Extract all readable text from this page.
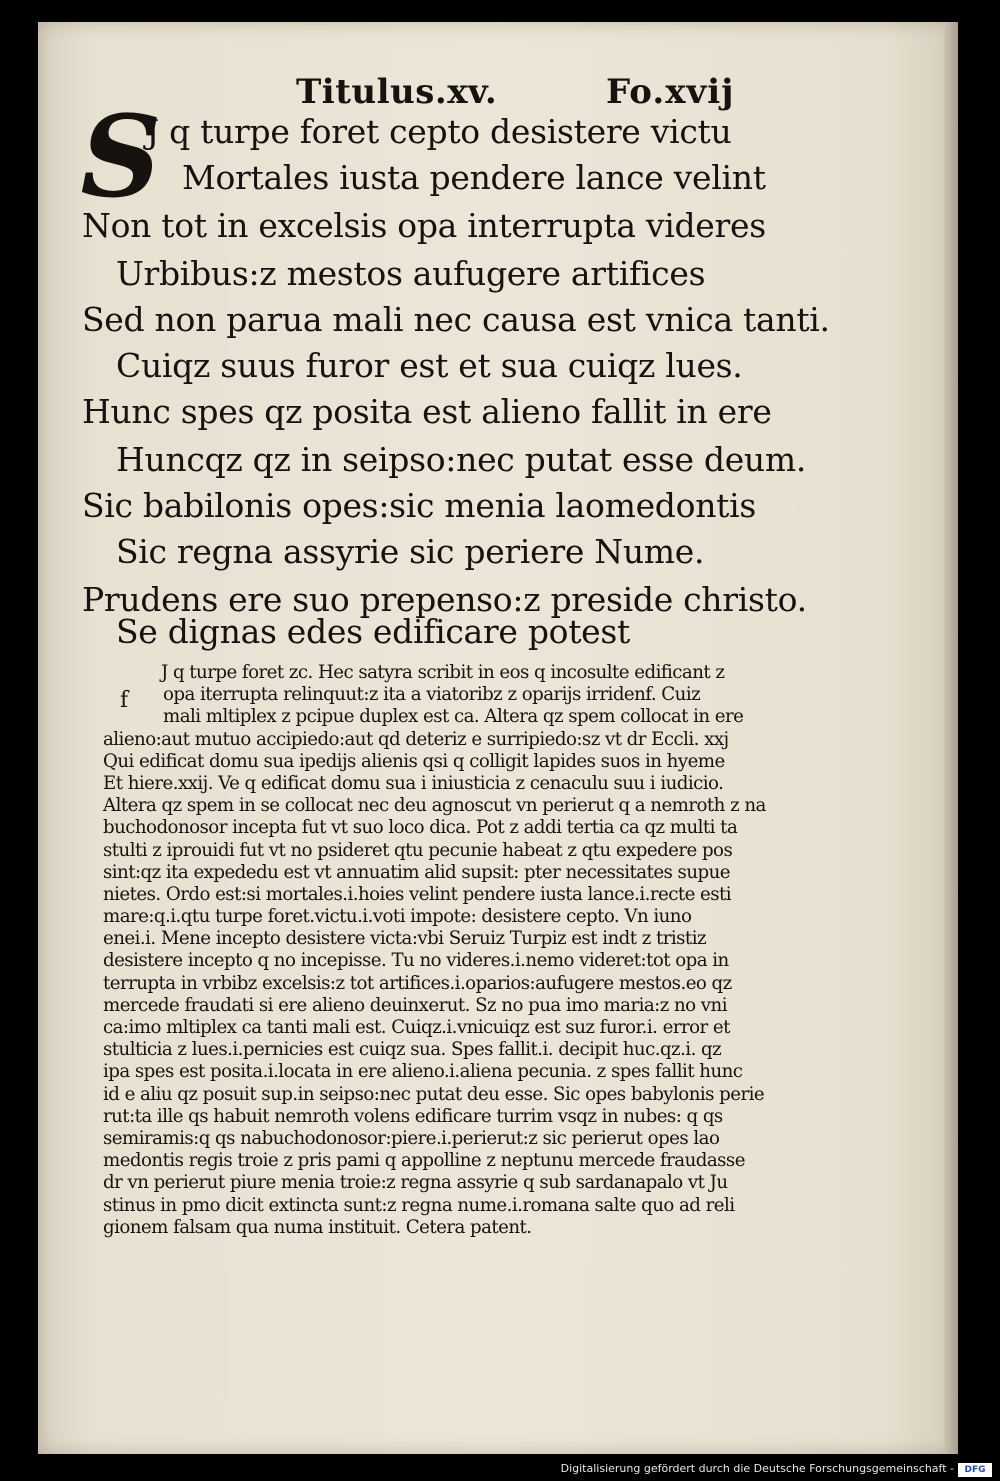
Titulus.xv.	Fo.xvij
S
J q turpe foret cepto desistere victu
Mortales iusta pendere lance velint
Non tot in excelsis opa interrupta videres
Urbibus:z mestos aufugere artifices
Sed non parua mali nec causa est vnica tanti.
Cuiqz suus furor est et sua cuiqz lues.
Hunc spes qz posita est alieno fallit in ere
Huncqz qz in seipso:nec putat esse deum.
Sic babilonis opes:sic menia laomedontis
Sic regna assyrie sic periere Nume.
Prudens ere suo prepenso:z preside christo.
Se dignas edes edificare potest
f
J q turpe foret zc. Hec satyra scribit in eos q incosulte edificant z
opa iterrupta relinquut:z ita a viatoribz z oparijs irridenf. Cuiz
mali mltiplex z pcipue duplex est ca. Altera qz spem collocat in ere
alieno:aut mutuo accipiedo:aut qd deteriz e surripiedo:sz vt dr Eccli. xxj
Qui edificat domu sua ipedijs alienis qsi q colligit lapides suos in hyeme
Et hiere.xxij. Ve q edificat domu sua i iniusticia z cenaculu suu i iudicio.
Altera qz spem in se collocat nec deu agnoscut vn perierut q a nemroth z na
buchodonosor incepta fut vt suo loco dica. Pot z addi tertia ca qz multi ta
stulti z iprouidi fut vt no psideret qtu pecunie habeat z qtu expedere pos
sint:qz ita expededu est vt annuatim alid supsit: pter necessitates supue
nietes. Ordo est:si mortales.i.hoies velint pendere iusta lance.i.recte esti
mare:q.i.qtu turpe foret.victu.i.voti impote: desistere cepto. Vn iuno
enei.i. Mene incepto desistere victa:vbi Seruiz Turpiz est indt z tristiz
desistere incepto q no incepisse. Tu no videres.i.nemo videret:tot opa in
terrupta in vrbibz excelsis:z tot artifices.i.oparios:aufugere mestos.eo qz
mercede fraudati si ere alieno deuinxerut. Sz no pua imo maria:z no vni
ca:imo mltiplex ca tanti mali est. Cuiqz.i.vnicuiqz est suz furor.i. error et
stulticia z lues.i.pernicies est cuiqz sua. Spes fallit.i. decipit huc.qz.i. qz
ipa spes est posita.i.locata in ere alieno.i.aliena pecunia. z spes fallit hunc
id e aliu qz posuit sup.in seipso:nec putat deu esse. Sic opes babylonis perie
rut:ta ille qs habuit nemroth volens edificare turrim vsqz in nubes: q qs
semiramis:q qs nabuchodonosor:piere.i.perierut:z sic perierut opes lao
medontis regis troie z pris pami q appolline z neptunu mercede fraudasse
dr vn perierut piure menia troie:z regna assyrie q sub sardanapalo vt Ju
stinus in pmo dicit extincta sunt:z regna nume.i.romana salte quo ad reli
gionem falsam qua numa instituit. Cetera patent.
Digitalisierung gefördert durch die Deutsche Forschungsgemeinschaft -	DFG
